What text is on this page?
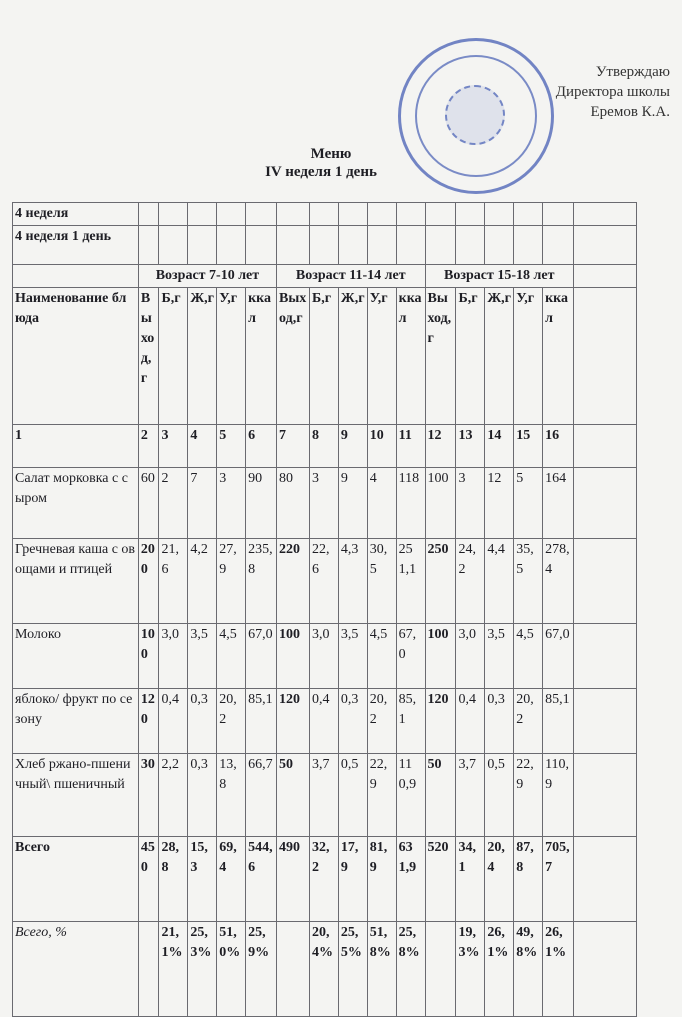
Утверждаю
Директора школы
Еремов К.А.
Меню
IV неделя 1 день
4 неделя																
4 неделя 1 день																
	Возраст 7-10 лет					Возраст 11-14 лет					Возраст 15-18 лет					
Наименование блюда	Выход,г	Б,г	Ж,г	У,г	ккал	Выход,г	Б,г	Ж,г	У,г	ккал	Выход,г	Б,г	Ж,г	У,г	ккал	
1	2	3	4	5	6	7	8	9	10	11	12	13	14	15	16	
Салат морковка с сыром	60	2	7	3	90	80	3	9	4	118	100	3	12	5	164	
Гречневая каша с овощами и птицей	200	21,6	4,2	27,9	235,8	220	22,6	4,3	30,5	251,1	250	24,2	4,4	35,5	278,4	
Молоко	100	3,0	3,5	4,5	67,0	100	3,0	3,5	4,5	67,0	100	3,0	3,5	4,5	67,0	
яблоко/ фрукт по сезону	120	0,4	0,3	20,2	85,1	120	0,4	0,3	20,2	85,1	120	0,4	0,3	20,2	85,1	
Хлеб ржано-пшеничный\ пшеничный	30	2,2	0,3	13,8	66,7	50	3,7	0,5	22,9	110,9	50	3,7	0,5	22,9	110,9	
Всего	450	28,8	15,3	69,4	544,6	490	32,2	17,9	81,9	631,9	520	34,1	20,4	87,8	705,7	
Всего, %		21,1%	25,3%	51,0%	25,9%		20,4%	25,5%	51,8%	25,8%		19,3%	26,1%	49,8%	26,1%	
